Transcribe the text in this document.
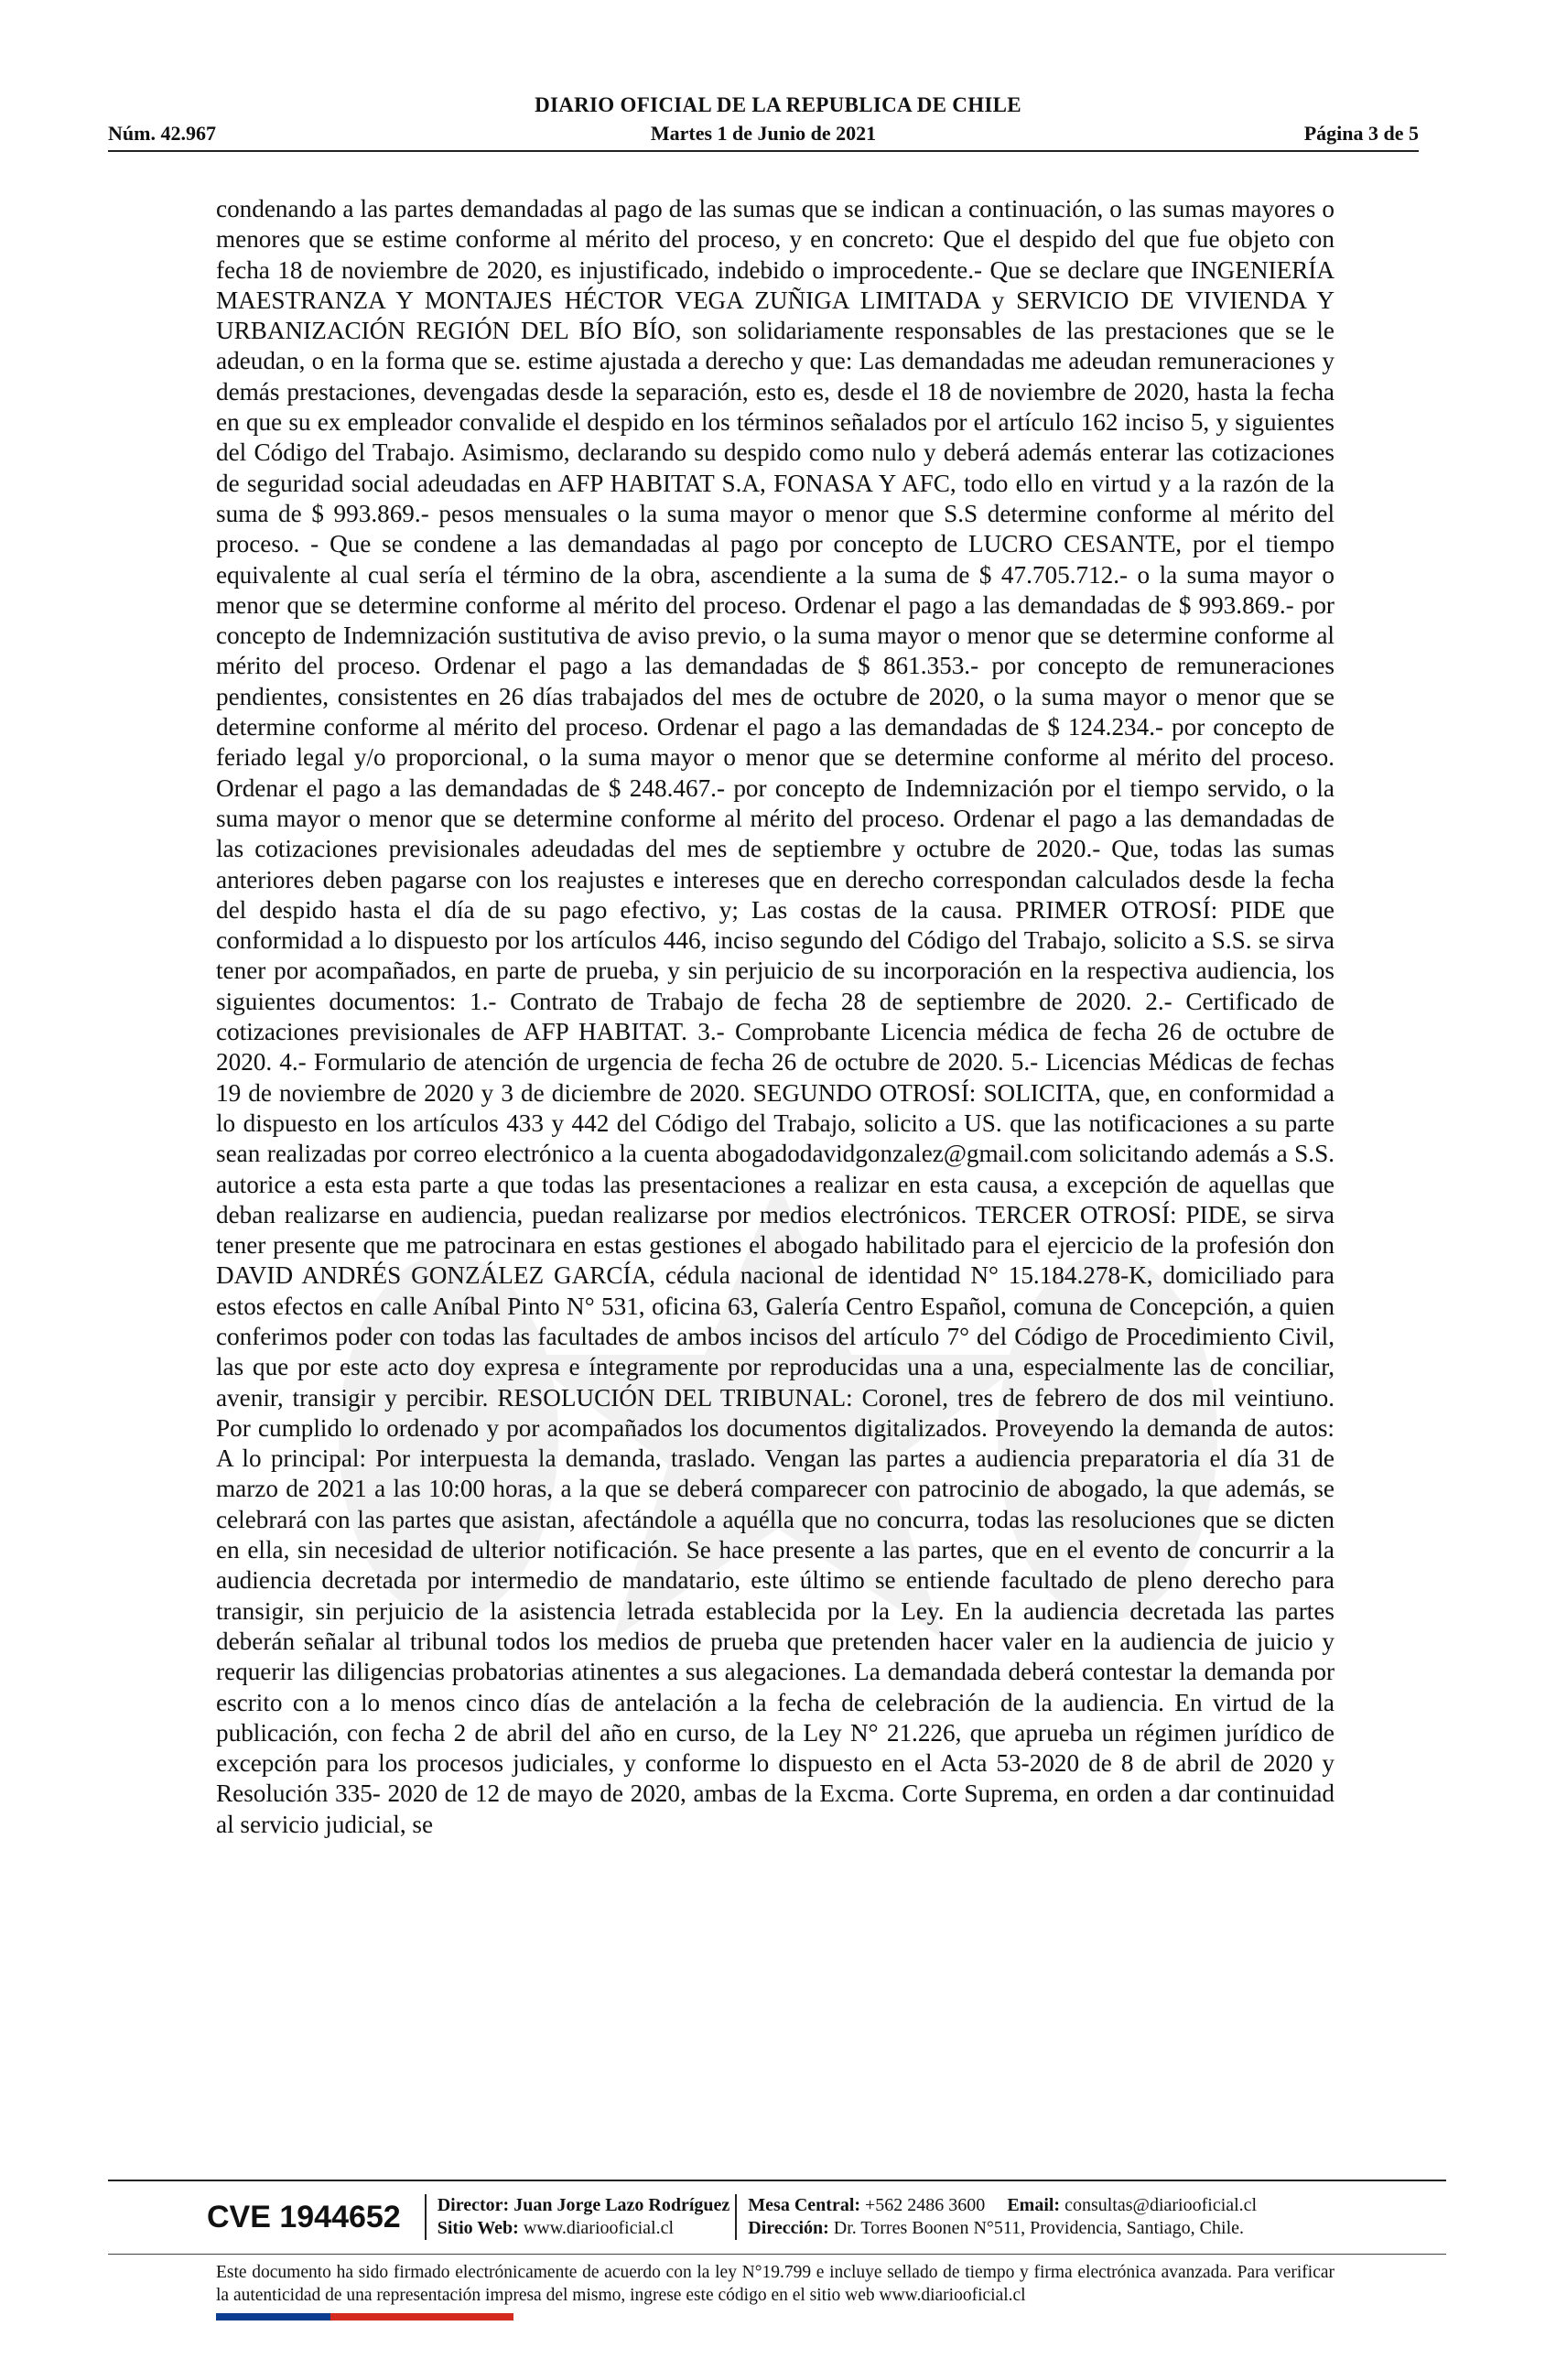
DIARIO OFICIAL DE LA REPUBLICA DE CHILE
Núm. 42.967	Martes 1 de Junio de 2021	Página 3 de 5

condenando a las partes demandadas al pago de las sumas que se indican a continuación, o las sumas mayores o menores que se estime conforme al mérito del proceso, y en concreto: Que el despido del que fue objeto con fecha 18 de noviembre de 2020, es injustificado, indebido o improcedente.- Que se declare que INGENIERÍA MAESTRANZA Y MONTAJES HÉCTOR VEGA ZUÑIGA LIMITADA y SERVICIO DE VIVIENDA Y URBANIZACIÓN REGIÓN DEL BÍO BÍO, son solidariamente responsables de las prestaciones que se le adeudan, o en la forma que se. estime ajustada a derecho y que: Las demandadas me adeudan remuneraciones y demás prestaciones, devengadas desde la separación, esto es, desde el 18 de noviembre de 2020, hasta la fecha en que su ex empleador convalide el despido en los términos señalados por el artículo 162 inciso 5, y siguientes del Código del Trabajo. Asimismo, declarando su despido como nulo y deberá además enterar las cotizaciones de seguridad social adeudadas en AFP HABITAT S.A, FONASA Y AFC, todo ello en virtud y a la razón de la suma de $ 993.869.- pesos mensuales o la suma mayor o menor que S.S determine conforme al mérito del proceso. - Que se condene a las demandadas al pago por concepto de LUCRO CESANTE, por el tiempo equivalente al cual sería el término de la obra, ascendiente a la suma de $ 47.705.712.- o la suma mayor o menor que se determine conforme al mérito del proceso. Ordenar el pago a las demandadas de $ 993.869.- por concepto de Indemnización sustitutiva de aviso previo, o la suma mayor o menor que se determine conforme al mérito del proceso. Ordenar el pago a las demandadas de $ 861.353.- por concepto de remuneraciones pendientes, consistentes en 26 días trabajados del mes de octubre de 2020, o la suma mayor o menor que se determine conforme al mérito del proceso. Ordenar el pago a las demandadas de $ 124.234.- por concepto de feriado legal y/o proporcional, o la suma mayor o menor que se determine conforme al mérito del proceso. Ordenar el pago a las demandadas de $ 248.467.- por concepto de Indemnización por el tiempo servido, o la suma mayor o menor que se determine conforme al mérito del proceso. Ordenar el pago a las demandadas de las cotizaciones previsionales adeudadas del mes de septiembre y octubre de 2020.- Que, todas las sumas anteriores deben pagarse con los reajustes e intereses que en derecho correspondan calculados desde la fecha del despido hasta el día de su pago efectivo, y; Las costas de la causa. PRIMER OTROSÍ: PIDE que conformidad a lo dispuesto por los artículos 446, inciso segundo del Código del Trabajo, solicito a S.S. se sirva tener por acompañados, en parte de prueba, y sin perjuicio de su incorporación en la respectiva audiencia, los siguientes documentos: 1.- Contrato de Trabajo de fecha 28 de septiembre de 2020. 2.- Certificado de cotizaciones previsionales de AFP HABITAT. 3.- Comprobante Licencia médica de fecha 26 de octubre de 2020. 4.- Formulario de atención de urgencia de fecha 26 de octubre de 2020. 5.- Licencias Médicas de fechas 19 de noviembre de 2020 y 3 de diciembre de 2020. SEGUNDO OTROSÍ: SOLICITA, que, en conformidad a lo dispuesto en los artículos 433 y 442 del Código del Trabajo, solicito a US. que las notificaciones a su parte sean realizadas por correo electrónico a la cuenta abogadodavidgonzalez@gmail.com solicitando además a S.S. autorice a esta esta parte a que todas las presentaciones a realizar en esta causa, a excepción de aquellas que deban realizarse en audiencia, puedan realizarse por medios electrónicos. TERCER OTROSÍ: PIDE, se sirva tener presente que me patrocinara en estas gestiones el abogado habilitado para el ejercicio de la profesión don DAVID ANDRÉS GONZÁLEZ GARCÍA, cédula nacional de identidad N° 15.184.278-K, domiciliado para estos efectos en calle Aníbal Pinto N° 531, oficina 63, Galería Centro Español, comuna de Concepción, a quien conferimos poder con todas las facultades de ambos incisos del artículo 7° del Código de Procedimiento Civil, las que por este acto doy expresa e íntegramente por reproducidas una a una, especialmente las de conciliar, avenir, transigir y percibir. RESOLUCIÓN DEL TRIBUNAL: Coronel, tres de febrero de dos mil veintiuno. Por cumplido lo ordenado y por acompañados los documentos digitalizados. Proveyendo la demanda de autos: A lo principal: Por interpuesta la demanda, traslado. Vengan las partes a audiencia preparatoria el día 31 de marzo de 2021 a las 10:00 horas, a la que se deberá comparecer con patrocinio de abogado, la que además, se celebrará con las partes que asistan, afectándole a aquélla que no concurra, todas las resoluciones que se dicten en ella, sin necesidad de ulterior notificación. Se hace presente a las partes, que en el evento de concurrir a la audiencia decretada por intermedio de mandatario, este último se entiende facultado de pleno derecho para transigir, sin perjuicio de la asistencia letrada establecida por la Ley. En la audiencia decretada las partes deberán señalar al tribunal todos los medios de prueba que pretenden hacer valer en la audiencia de juicio y requerir las diligencias probatorias atinentes a sus alegaciones. La demandada deberá contestar la demanda por escrito con a lo menos cinco días de antelación a la fecha de celebración de la audiencia. En virtud de la publicación, con fecha 2 de abril del año en curso, de la Ley N° 21.226, que aprueba un régimen jurídico de excepción para los procesos judiciales, y conforme lo dispuesto en el Acta 53-2020 de 8 de abril de 2020 y Resolución 335- 2020 de 12 de mayo de 2020, ambas de la Excma. Corte Suprema, en orden a dar continuidad al servicio judicial, se

CVE 1944652	Director: Juan Jorge Lazo Rodríguez
Sitio Web: www.diariooficial.cl
Mesa Central: +562 2486 3600 Email: consultas@diariooficial.cl
Dirección: Dr. Torres Boonen N°511, Providencia, Santiago, Chile.
Este documento ha sido firmado electrónicamente de acuerdo con la ley N°19.799 e incluye sellado de tiempo y firma electrónica avanzada. Para verificar la autenticidad de una representación impresa del mismo, ingrese este código en el sitio web www.diariooficial.cl
